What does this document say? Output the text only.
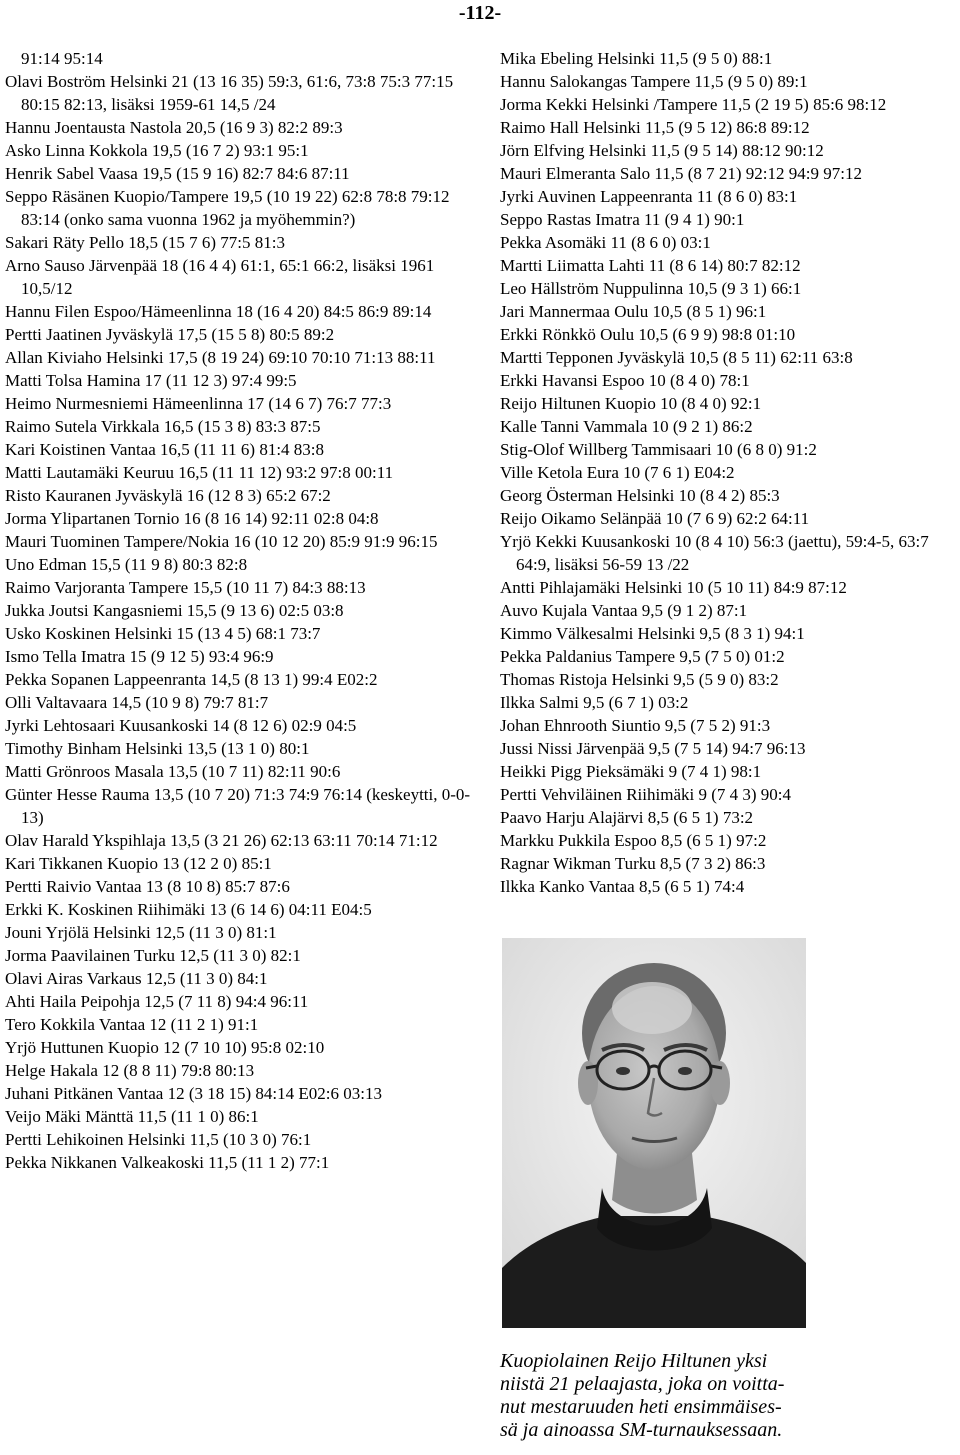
-112-
91:14 95:14
Olavi Boström Helsinki 21 (13 16 35) 59:3, 61:6, 73:8 75:3 77:15 80:15 82:13, lisäksi 1959-61 14,5 /24
Hannu Joentausta Nastola 20,5 (16 9 3) 82:2 89:3
Asko Linna Kokkola 19,5 (16 7 2) 93:1 95:1
Henrik Sabel Vaasa 19,5 (15 9 16) 82:7 84:6 87:11
Seppo Räsänen Kuopio/Tampere 19,5 (10 19 22) 62:8 78:8 79:12 83:14 (onko sama vuonna 1962 ja myöhemmin?)
Sakari Räty Pello 18,5 (15 7 6) 77:5 81:3
Arno Sauso Järvenpää 18 (16 4 4) 61:1, 65:1 66:2, lisäksi 1961 10,5/12
Hannu Filen Espoo/Hämeenlinna 18 (16 4 20) 84:5 86:9 89:14
Pertti Jaatinen Jyväskylä 17,5 (15 5 8) 80:5 89:2
Allan Kiviaho Helsinki 17,5 (8 19 24) 69:10 70:10 71:13 88:11
Matti Tolsa Hamina 17 (11 12 3) 97:4 99:5
Heimo Nurmesniemi Hämeenlinna 17 (14 6 7) 76:7 77:3
Raimo Sutela Virkkala 16,5 (15 3 8) 83:3 87:5
Kari Koistinen Vantaa 16,5 (11 11 6) 81:4 83:8
Matti Lautamäki Keuruu 16,5 (11 11 12) 93:2 97:8 00:11
Risto Kauranen Jyväskylä 16 (12 8 3) 65:2 67:2
Jorma Ylipartanen Tornio 16 (8 16 14) 92:11 02:8 04:8
Mauri Tuominen Tampere/Nokia 16 (10 12 20) 85:9 91:9 96:15
Uno Edman 15,5 (11 9 8) 80:3 82:8
Raimo Varjoranta Tampere 15,5 (10 11 7) 84:3 88:13
Jukka Joutsi Kangasniemi 15,5 (9 13 6) 02:5 03:8
Usko Koskinen Helsinki 15 (13 4 5) 68:1 73:7
Ismo Tella Imatra 15 (9 12 5) 93:4 96:9
Pekka Sopanen Lappeenranta 14,5 (8 13 1) 99:4 E02:2
Olli Valtavaara 14,5 (10 9 8) 79:7 81:7
Jyrki Lehtosaari Kuusankoski 14 (8 12 6) 02:9 04:5
Timothy Binham Helsinki 13,5 (13 1 0) 80:1
Matti Grönroos Masala 13,5 (10 7 11) 82:11 90:6
Günter Hesse Rauma 13,5 (10 7 20) 71:3 74:9 76:14 (keskeytti, 0-0-13)
Olav Harald Ykspihlaja 13,5 (3 21 26) 62:13 63:11 70:14 71:12
Kari Tikkanen Kuopio 13 (12 2 0) 85:1
Pertti Raivio Vantaa 13 (8 10 8) 85:7 87:6
Erkki K. Koskinen Riihimäki 13 (6 14 6) 04:11 E04:5
Jouni Yrjölä Helsinki 12,5 (11 3 0) 81:1
Jorma Paavilainen Turku 12,5 (11 3 0) 82:1
Olavi Airas Varkaus 12,5 (11 3 0) 84:1
Ahti Haila Peipohja 12,5 (7 11 8) 94:4 96:11
Tero Kokkila Vantaa 12 (11 2 1) 91:1
Yrjö Huttunen Kuopio 12 (7 10 10) 95:8 02:10
Helge Hakala 12 (8 8 11) 79:8 80:13
Juhani Pitkänen Vantaa 12 (3 18 15) 84:14 E02:6 03:13
Veijo Mäki Mänttä 11,5 (11 1 0) 86:1
Pertti Lehikoinen Helsinki 11,5 (10 3 0) 76:1
Pekka Nikkanen Valkeakoski 11,5 (11 1 2) 77:1
Mika Ebeling Helsinki 11,5 (9 5 0) 88:1
Hannu Salokangas Tampere 11,5 (9 5 0) 89:1
Jorma Kekki Helsinki /Tampere 11,5 (2 19 5) 85:6 98:12
Raimo Hall Helsinki 11,5 (9 5 12) 86:8 89:12
Jörn Elfving Helsinki 11,5 (9 5 14) 88:12 90:12
Mauri Elmeranta Salo 11,5 (8 7 21) 92:12 94:9 97:12
Jyrki Auvinen Lappeenranta 11 (8 6 0) 83:1
Seppo Rastas Imatra 11 (9 4 1) 90:1
Pekka Asomäki 11 (8 6 0) 03:1
Martti Liimatta Lahti 11 (8 6 14) 80:7 82:12
Leo Hällström Nuppulinna 10,5 (9 3 1) 66:1
Jari Mannermaa Oulu 10,5 (8 5 1) 96:1
Erkki Rönkkö Oulu 10,5 (6 9 9) 98:8 01:10
Martti Tepponen Jyväskylä 10,5 (8 5 11) 62:11 63:8
Erkki Havansi Espoo 10 (8 4 0) 78:1
Reijo Hiltunen Kuopio 10 (8 4 0) 92:1
Kalle Tanni Vammala 10 (9 2 1) 86:2
Stig-Olof Willberg Tammisaari 10 (6 8 0) 91:2
Ville Ketola Eura 10 (7 6 1) E04:2
Georg Österman Helsinki 10 (8 4 2) 85:3
Reijo Oikamo Selänpää 10 (7 6 9) 62:2 64:11
Yrjö Kekki Kuusankoski 10 (8 4 10) 56:3 (jaettu), 59:4-5, 63:7 64:9, lisäksi 56-59 13 /22
Antti Pihlajamäki Helsinki 10 (5 10 11) 84:9 87:12
Auvo Kujala Vantaa 9,5 (9 1 2) 87:1
Kimmo Välkesalmi Helsinki 9,5 (8 3 1) 94:1
Pekka Paldanius Tampere 9,5 (7 5 0) 01:2
Thomas Ristoja Helsinki 9,5 (5 9 0) 83:2
Ilkka Salmi 9,5 (6 7 1) 03:2
Johan Ehnrooth Siuntio 9,5 (7 5 2) 91:3
Jussi Nissi Järvenpää 9,5 (7 5 14) 94:7 96:13
Heikki Pigg Pieksämäki 9 (7 4 1) 98:1
Pertti Vehviläinen Riihimäki 9 (7 4 3) 90:4
Paavo Harju Alajärvi 8,5 (6 5 1) 73:2
Markku Pukkila Espoo 8,5 (6 5 1) 97:2
Ragnar Wikman Turku 8,5 (7 3 2) 86:3
Ilkka Kanko Vantaa 8,5 (6 5 1) 74:4
Kuopiolainen Reijo Hiltunen yksi
niistä 21 pelaajasta, joka on voitta-
nut mestaruuden heti ensimmäises-
sä ja ainoassa SM-turnauksessaan.
